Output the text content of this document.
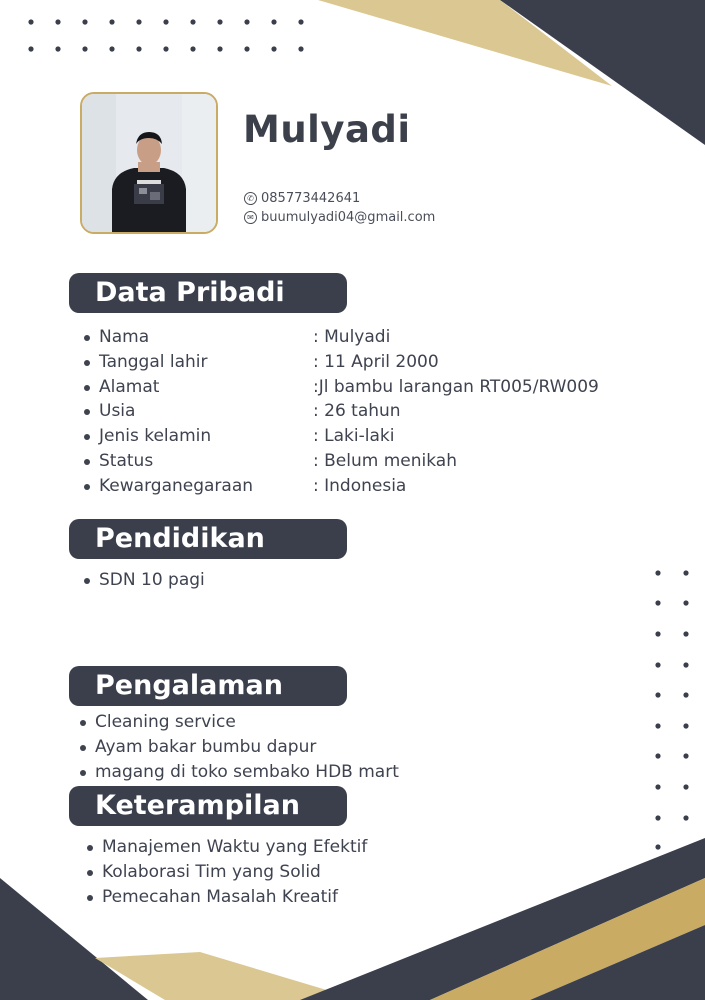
Mulyadi
✆ 085773442641
✉ buumulyadi04@gmail.com
Data Pribadi
Nama	: Mulyadi
Tanggal lahir	: 11 April 2000
Alamat	:Jl bambu larangan RT005/RW009
Usia	: 26 tahun
Jenis kelamin	: Laki-laki
Status	: Belum menikah
Kewarganegaraan	: Indonesia
Pendidikan
SDN 10 pagi
Pengalaman
Cleaning service
Ayam bakar bumbu dapur
magang di toko sembako HDB mart
Keterampilan
Manajemen Waktu yang Efektif
Kolaborasi Tim yang Solid
Pemecahan Masalah Kreatif
